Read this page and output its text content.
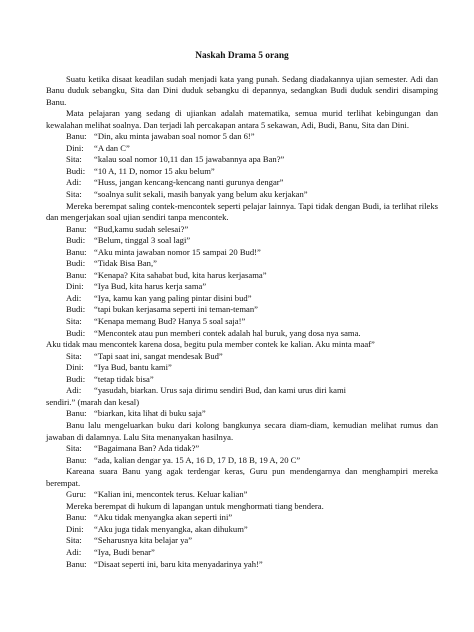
Naskah Drama 5 orang
Suatu ketika disaat keadilan sudah menjadi kata yang punah. Sedang diadakannya ujian semester. Adi dan Banu duduk sebangku, Sita dan Dini duduk sebangku di depannya, sedangkan Budi duduk sendiri disamping Banu.
Mata pelajaran yang sedang di ujiankan adalah matematika, semua murid terlihat kebingungan dan kewalahan melihat soalnya. Dan terjadi lah percakapan antara 5 sekawan, Adi, Budi, Banu, Sita dan Dini.
Banu: “Din, aku minta jawaban soal nomor 5 dan 6!”
Dini:	“A dan C”
Sita:	“kalau soal nomor 10,11 dan 15 jawabannya apa Ban?”
Budi:	“10 A, 11 D, nomor 15 aku belum”
Adi:	“Huss, jangan kencang-kencang nanti gurunya dengar”
Sita:	“soalnya sulit sekali, masih banyak yang belum aku kerjakan”
Mereka berempat saling contek-mencontek seperti pelajar lainnya. Tapi tidak dengan Budi, ia terlihat rileks dan mengerjakan soal ujian sendiri tanpa mencontek.
Banu: “Bud,kamu sudah selesai?”
Budi:	“Belum, tinggal 3 soal lagi”
Banu: “Aku minta jawaban nomor 15 sampai 20 Bud!”
Budi:	“Tidak Bisa Ban,”
Banu: “Kenapa? Kita sahabat bud, kita harus kerjasama”
Dini:	“Iya Bud, kita harus kerja sama”
Adi:	“Iya, kamu kan yang paling pintar disini bud”
Budi:	“tapi bukan kerjasama seperti ini teman-teman”
Sita:	“Kenapa memang Bud? Hanya 5 soal saja!”
Budi:	“Mencontek atau pun memberi contek adalah hal buruk, yang dosa nya sama.
Aku tidak mau mencontek karena dosa, begitu pula member contek ke kalian. Aku minta maaf”
Sita:	“Tapi saat ini, sangat mendesak Bud”
Dini:	“Iya Bud, bantu kami”
Budi:	“tetap tidak bisa”
Adi:	“yasudah, biarkan. Urus saja dirimu sendiri Bud, dan kami urus diri kami
sendiri.” (marah dan kesal)
Banu: “biarkan, kita lihat di buku saja”
Banu lalu mengeluarkan buku dari kolong bangkunya secara diam-diam, kemudian melihat rumus dan jawaban di dalamnya. Lalu Sita menanyakan hasilnya.
Sita:	“Bagaimana Ban? Ada tidak?”
Banu: “ada, kalian dengar ya. 15 A, 16 D, 17 D, 18 B, 19 A, 20 C”
Kareana suara Banu yang agak terdengar keras, Guru pun mendengarnya dan menghampiri mereka berempat.
Guru: “Kalian ini, mencontek terus. Keluar kalian”
Mereka berempat di hukum di lapangan untuk menghormati tiang bendera.
Banu: “Aku tidak menyangka akan seperti ini”
Dini:	“Aku juga tidak menyangka, akan dihukum”
Sita:	“Seharusnya kita belajar ya”
Adi:	“Iya, Budi benar”
Banu: “Disaat seperti ini, baru kita menyadarinya yah!”
